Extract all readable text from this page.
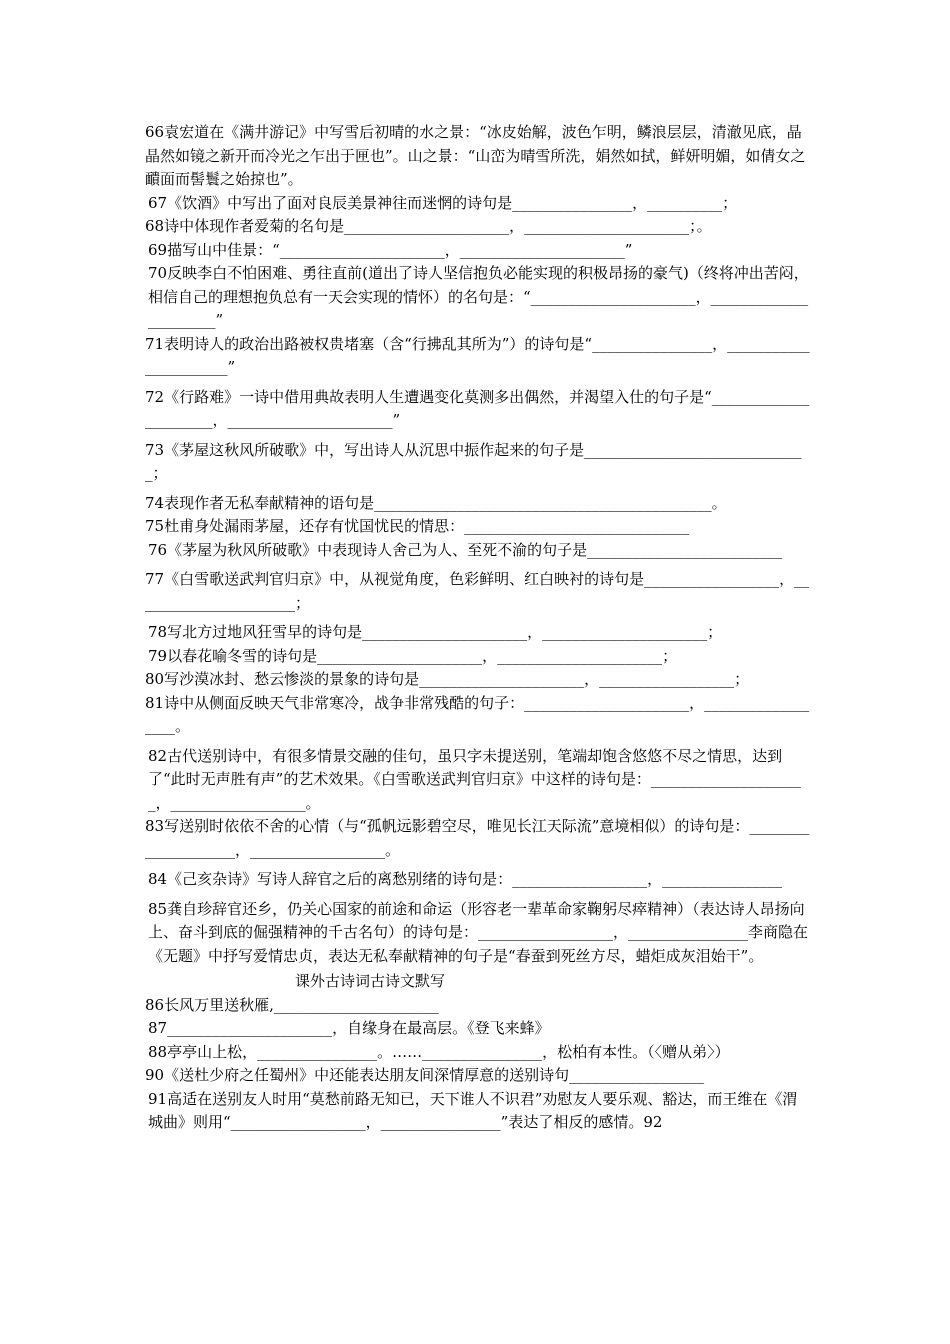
66袁宏道在《满井游记》中写雪后初晴的水之景：“冰皮始解，波色乍明，鳞浪层层，清澈见底，晶晶然如镜之新开而冷光之乍出于匣也”。山之景：“山峦为晴雪所洗，娟然如拭，鲜妍明媚，如倩女之靧面而髻鬟之始掠也”。

67《饮酒》中写出了面对良辰美景神往而迷惘的诗句是________________，__________；

68诗中体现作者爱菊的名句是______________________，______________________；。

69描写山中佳景：“______________________，______________________”

70反映李白不怕困难、勇往直前(道出了诗人坚信抱负必能实现的积极昂扬的豪气)（终将冲出苦闷，相信自己的理想抱负总有一天会实现的情怀）的名句是：“______________________，______________________”

71表明诗人的政治出路被权贵堵塞（含“行拂乱其所为”）的诗句是“________________，______________________”

72《行路难》一诗中借用典故表明人生遭遇变化莫测多出偶然，并渴望入仕的句子是“______________________，______________________”

73《茅屋这秋风所破歌》中，写出诗人从沉思中振作起来的句子是______________________________；

74表现作者无私奉献精神的语句是_____________________________________________。

75杜甫身处漏雨茅屋，还存有忧国忧民的情思：______________________________

76《茅屋为秋风所破歌》中表现诗人舍己为人、至死不渝的句子是__________________________

77《白雪歌送武判官归京》中，从视觉角度，色彩鲜明、红白映衬的诗句是__________________，______________________；

78写北方过地风狂雪早的诗句是______________________，______________________；

79以春花喻冬雪的诗句是______________________，______________________；

80写沙漠冰封、愁云惨淡的景象的诗句是______________________，__________________；

81诗中从侧面反映天气非常寒冷，战争非常残酷的句子：______________________，__________________。

82古代送别诗中，有很多情景交融的佳句，虽只字未提送别，笔端却饱含悠悠不尽之情思，达到了“此时无声胜有声”的艺术效果。《白雪歌送武判官归京》中这样的诗句是：_____________________，__________________。

83写送别时依依不舍的心情（与“孤帆远影碧空尽，唯见长江天际流”意境相似）的诗句是：____________________，__________________。

84《己亥杂诗》写诗人辞官之后的离愁别绪的诗句是：__________________，________________

85龚自珍辞官还乡，仍关心国家的前途和命运（形容老一辈革命家鞠躬尽瘁精神）（表达诗人昂扬向上、奋斗到底的倔强精神的千古名句）的诗句是：__________________，________________李商隐在《无题》中抒写爱情忠贞，表达无私奉献精神的句子是“春蚕到死丝方尽，蜡炬成灰泪始干”。

课外古诗词古诗文默写

86长风万里送秋雁,______________________

87______________________，自缘身在最高层。《登飞来蜂》

88亭亭山上松，________________。……________________，松柏有本性。（〈赠从弟〉）

90《送杜少府之任蜀州》中还能表达朋友间深情厚意的送别诗句__________________

91高适在送别友人时用“莫愁前路无知已，天下谁人不识君”劝慰友人要乐观、豁达，而王维在《渭城曲》则用“__________________，________________”表达了相反的感情。92
